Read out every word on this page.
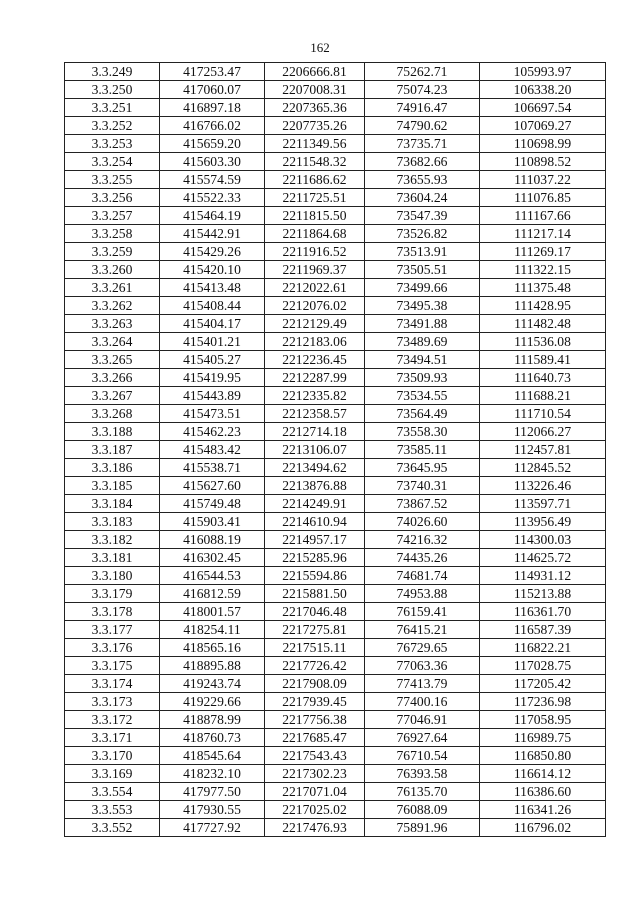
162
3.3.249	417253.47	2206666.81	75262.71	105993.97
3.3.250	417060.07	2207008.31	75074.23	106338.20
3.3.251	416897.18	2207365.36	74916.47	106697.54
3.3.252	416766.02	2207735.26	74790.62	107069.27
3.3.253	415659.20	2211349.56	73735.71	110698.99
3.3.254	415603.30	2211548.32	73682.66	110898.52
3.3.255	415574.59	2211686.62	73655.93	111037.22
3.3.256	415522.33	2211725.51	73604.24	111076.85
3.3.257	415464.19	2211815.50	73547.39	111167.66
3.3.258	415442.91	2211864.68	73526.82	111217.14
3.3.259	415429.26	2211916.52	73513.91	111269.17
3.3.260	415420.10	2211969.37	73505.51	111322.15
3.3.261	415413.48	2212022.61	73499.66	111375.48
3.3.262	415408.44	2212076.02	73495.38	111428.95
3.3.263	415404.17	2212129.49	73491.88	111482.48
3.3.264	415401.21	2212183.06	73489.69	111536.08
3.3.265	415405.27	2212236.45	73494.51	111589.41
3.3.266	415419.95	2212287.99	73509.93	111640.73
3.3.267	415443.89	2212335.82	73534.55	111688.21
3.3.268	415473.51	2212358.57	73564.49	111710.54
3.3.188	415462.23	2212714.18	73558.30	112066.27
3.3.187	415483.42	2213106.07	73585.11	112457.81
3.3.186	415538.71	2213494.62	73645.95	112845.52
3.3.185	415627.60	2213876.88	73740.31	113226.46
3.3.184	415749.48	2214249.91	73867.52	113597.71
3.3.183	415903.41	2214610.94	74026.60	113956.49
3.3.182	416088.19	2214957.17	74216.32	114300.03
3.3.181	416302.45	2215285.96	74435.26	114625.72
3.3.180	416544.53	2215594.86	74681.74	114931.12
3.3.179	416812.59	2215881.50	74953.88	115213.88
3.3.178	418001.57	2217046.48	76159.41	116361.70
3.3.177	418254.11	2217275.81	76415.21	116587.39
3.3.176	418565.16	2217515.11	76729.65	116822.21
3.3.175	418895.88	2217726.42	77063.36	117028.75
3.3.174	419243.74	2217908.09	77413.79	117205.42
3.3.173	419229.66	2217939.45	77400.16	117236.98
3.3.172	418878.99	2217756.38	77046.91	117058.95
3.3.171	418760.73	2217685.47	76927.64	116989.75
3.3.170	418545.64	2217543.43	76710.54	116850.80
3.3.169	418232.10	2217302.23	76393.58	116614.12
3.3.554	417977.50	2217071.04	76135.70	116386.60
3.3.553	417930.55	2217025.02	76088.09	116341.26
3.3.552	417727.92	2217476.93	75891.96	116796.02
